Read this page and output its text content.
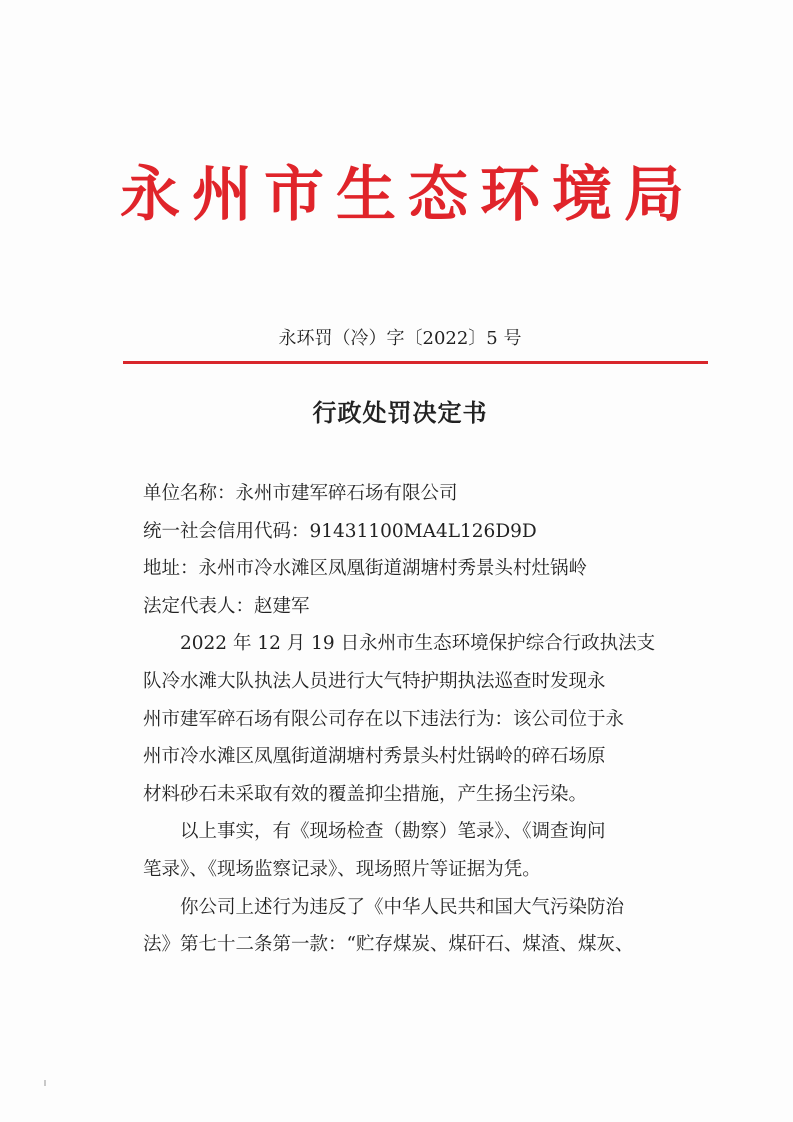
永州市生态环境局
永环罚（冷）字〔2022〕5 号
行政处罚决定书

单位名称：永州市建军碎石场有限公司

统一社会信用代码：91431100MA4L126D9D

地址：永州市冷水滩区凤凰街道湖塘村秀景头村灶锅岭

法定代表人：赵建军

2022 年 12 月 19 日永州市生态环境保护综合行政执法支
队冷水滩大队执法人员进行大气特护期执法巡查时发现永
州市建军碎石场有限公司存在以下违法行为：该公司位于永
州市冷水滩区凤凰街道湖塘村秀景头村灶锅岭的碎石场原
材料砂石未采取有效的覆盖抑尘措施，产生扬尘污染。
以上事实，有《现场检查（勘察）笔录》、《调查询问
笔录》、《现场监察记录》、现场照片等证据为凭。
你公司上述行为违反了《中华人民共和国大气污染防治
法》第七十二条第一款：“贮存煤炭、煤矸石、煤渣、煤灰、
